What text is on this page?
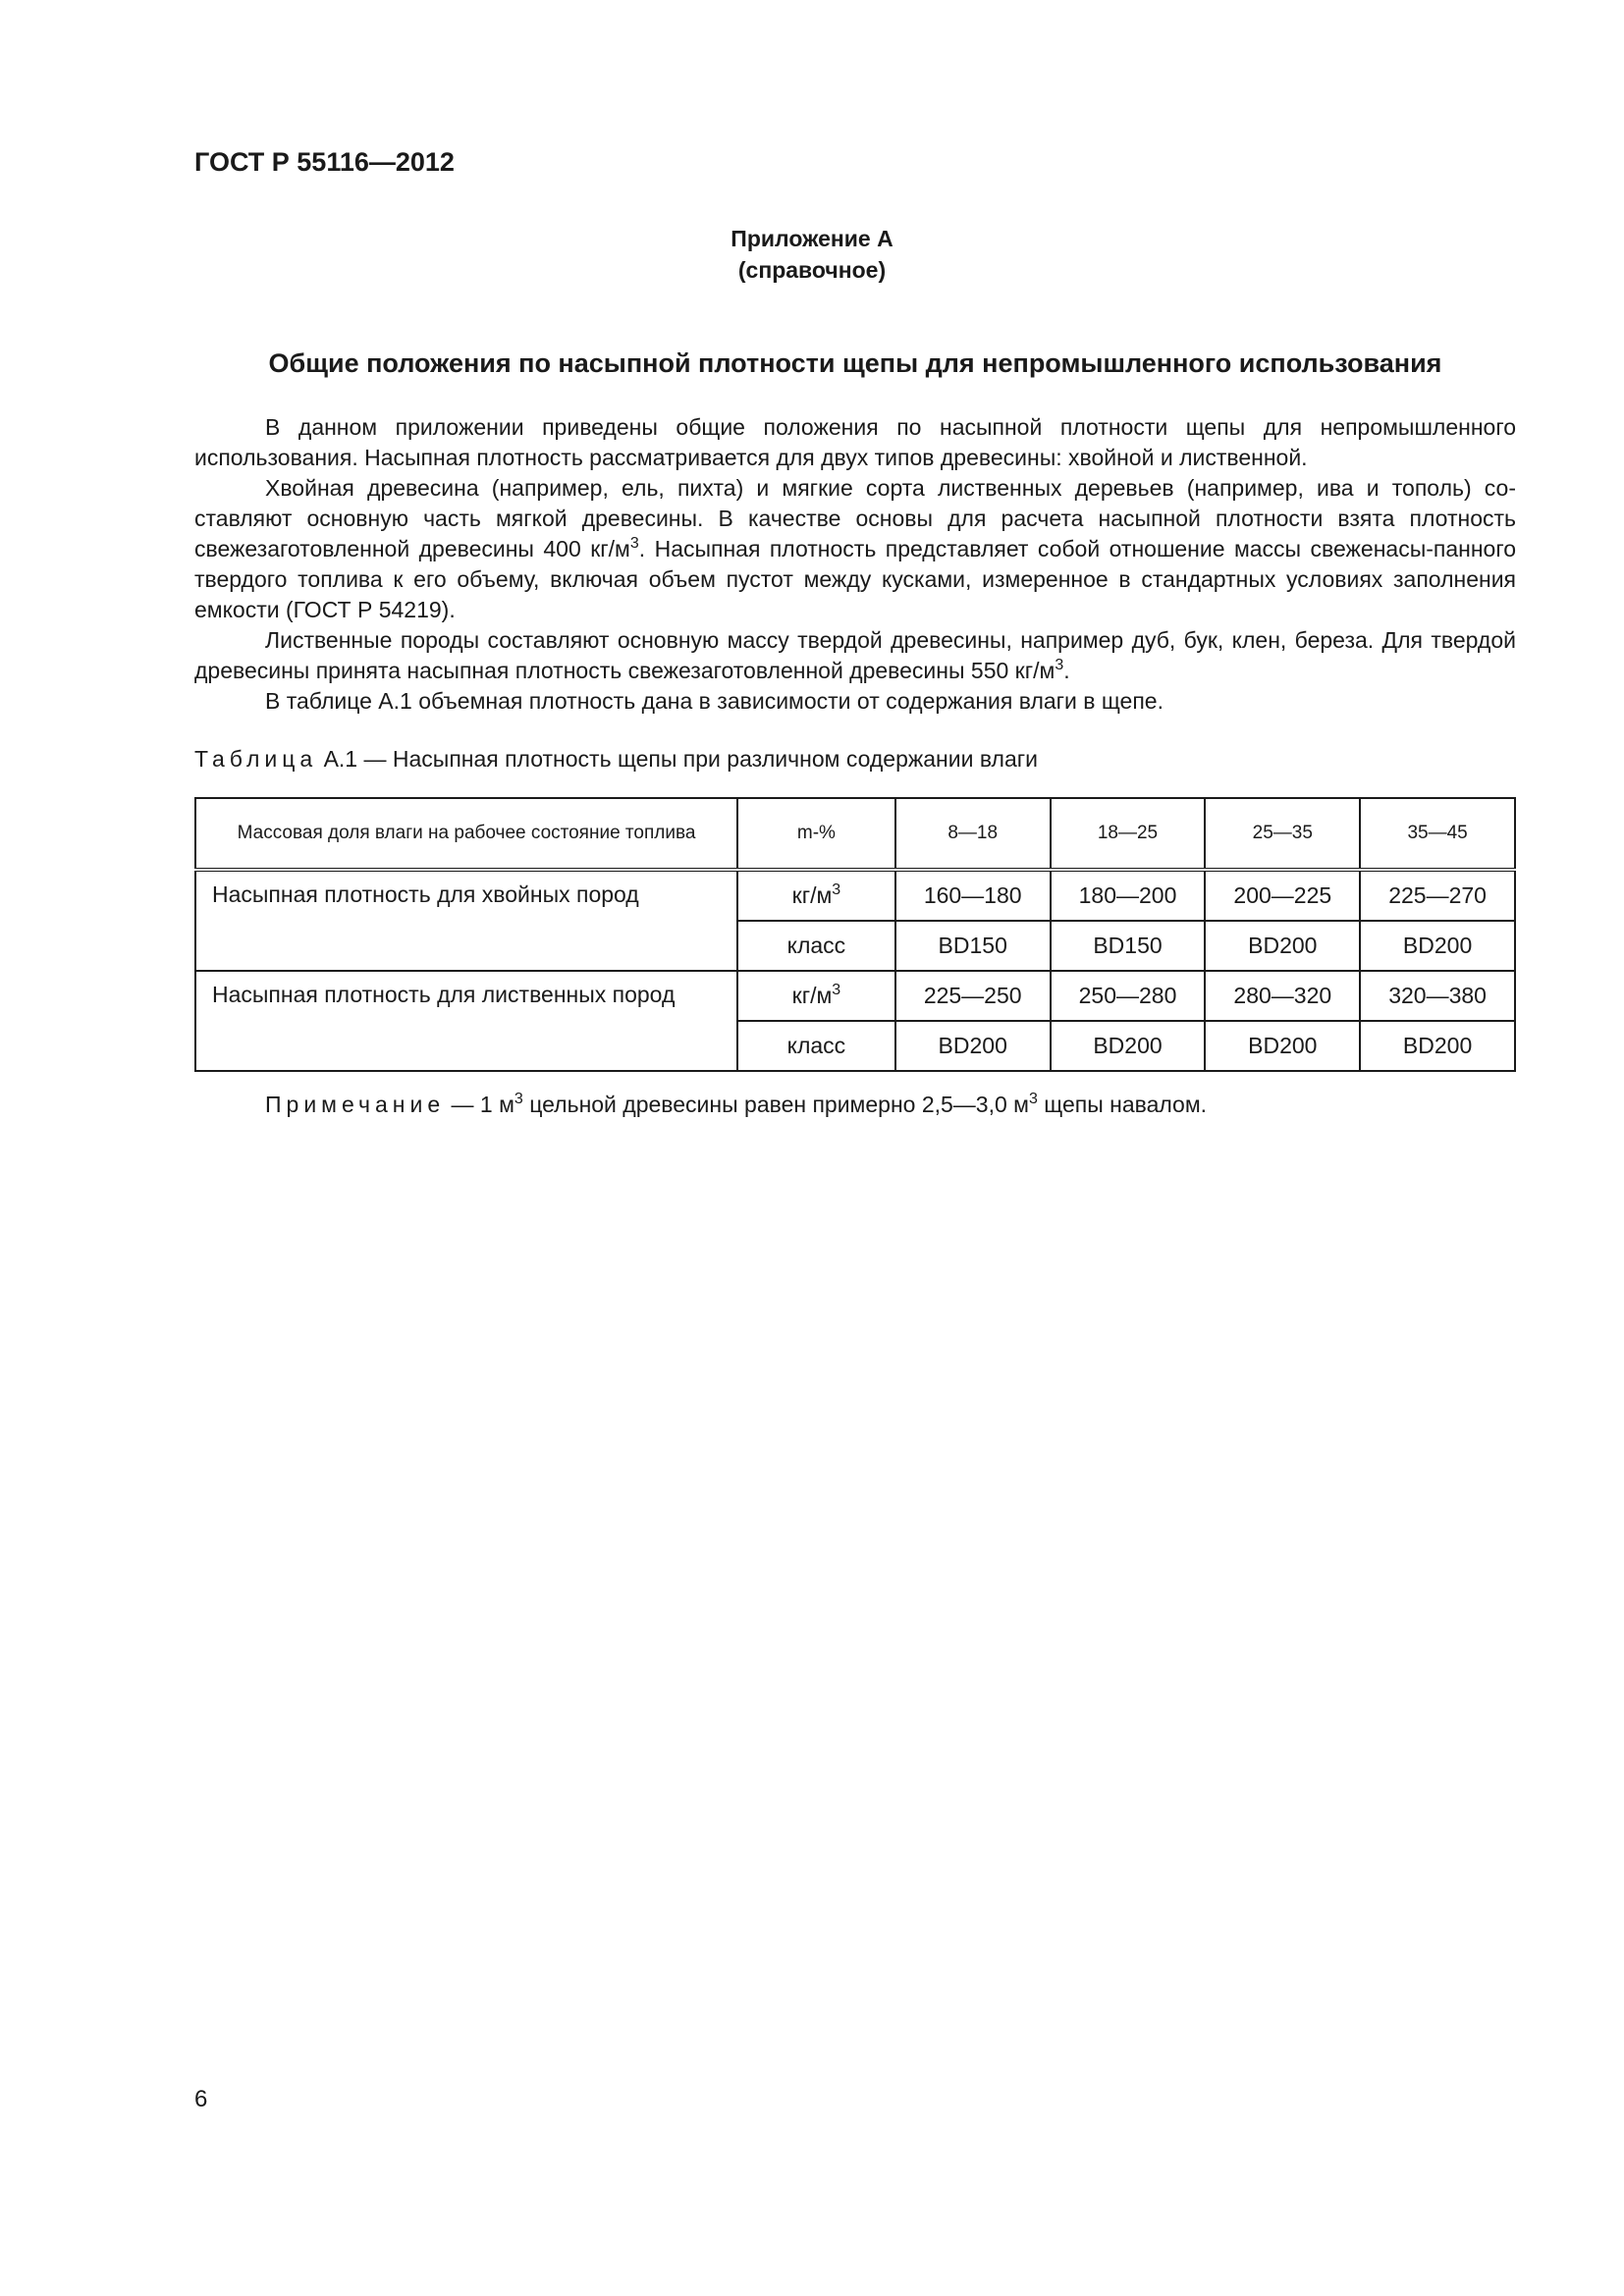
ГОСТ Р 55116—2012
Приложение А
(справочное)
Общие положения по насыпной плотности щепы для непромышленного использования

В данном приложении приведены общие положения по насыпной плотности щепы для непромышленного использования. Насыпная плотность рассматривается для двух типов древесины: хвойной и лиственной.

Хвойная древесина (например, ель, пихта) и мягкие сорта лиственных деревьев (например, ива и тополь) со-ставляют основную часть мягкой древесины. В качестве основы для расчета насыпной плотности взята плотность свежезаготовленной древесины 400 $кг/м^3$. Насыпная плотность представляет собой отношение массы свеженасы-панного твердого топлива к его объему, включая объем пустот между кусками, измеренное в стандартных условиях заполнения емкости (ГОСТ Р 54219).

Лиственные породы составляют основную массу твердой древесины, например дуб, бук, клен, береза. Для твердой древесины принята насыпная плотность свежезаготовленной древесины 550 $кг/м^3$.

В таблице А.1 объемная плотность дана в зависимости от содержания влаги в щепе.

Таблица А.1 — Насыпная плотность щепы при различном содержании влаги
Массовая доля влаги на рабочее состояние топлива	m-%	8—18	18—25	25—35	35—45
Насыпная плотность для хвойных пород	$кг/м^3$	160—180	180—200	200—225	225—270
	класс	BD150	BD150	BD200	BD200
Насыпная плотность для лиственных пород	$кг/м^3$	225—250	250—280	280—320	320—380
	класс	BD200	BD200	BD200	BD200
Примечание — 1 $м^3$ цельной древесины равен примерно 2,5—3,0 $м^3$ щепы навалом.
6
